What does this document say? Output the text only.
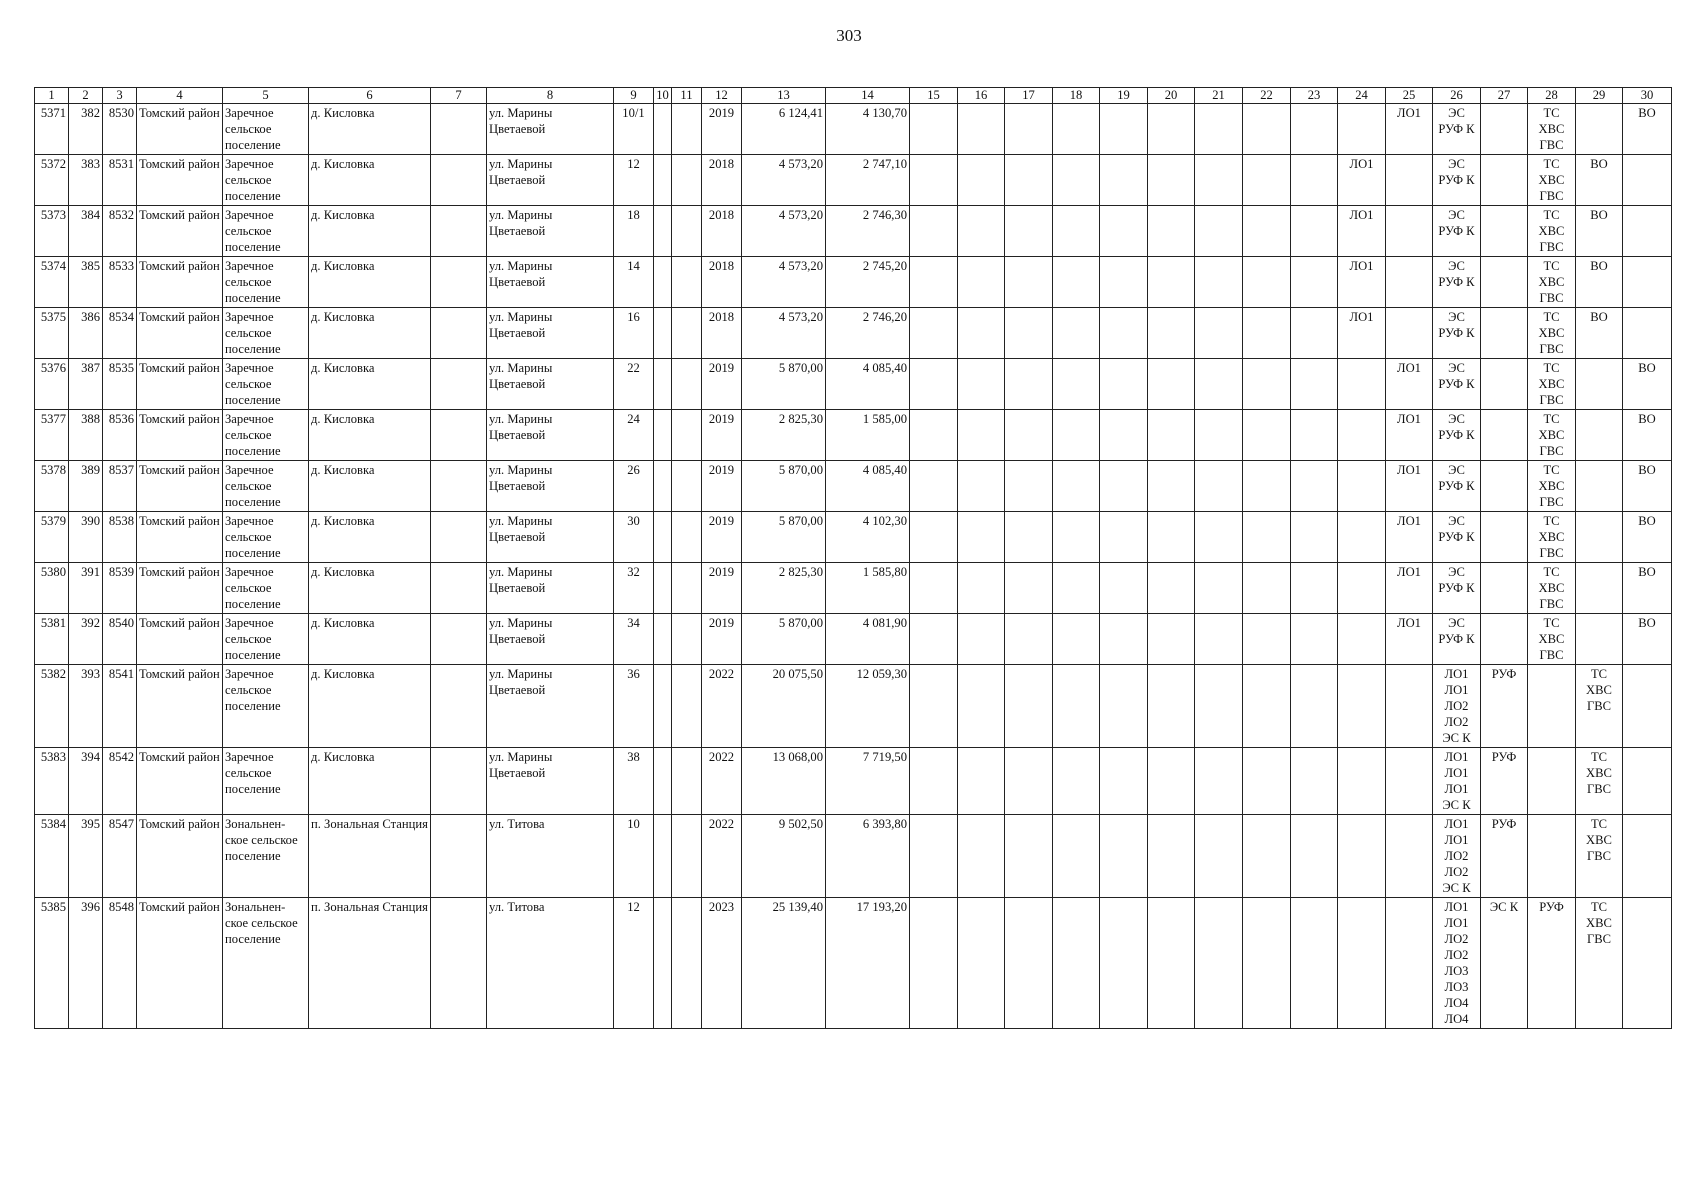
303
1	2	3	4	5	6	7	8	9	10	11	12	13	14	15	16	17	18	19	20	21	22	23	24	25	26	27	28	29	30
5371	382	8530	Томский район	Заречное сельское поселение	д. Кисловка		ул. Марины Цветаевой	10/1			2019	6 124,41	4 130,70											ЛО1	ЭС РУФ К		ТС ХВС ГВС		ВО
5372	383	8531	Томский район	Заречное сельское поселение	д. Кисловка		ул. Марины Цветаевой	12			2018	4 573,20	2 747,10										ЛО1		ЭС РУФ К		ТС ХВС ГВС	ВО	
5373	384	8532	Томский район	Заречное сельское поселение	д. Кисловка		ул. Марины Цветаевой	18			2018	4 573,20	2 746,30										ЛО1		ЭС РУФ К		ТС ХВС ГВС	ВО	
5374	385	8533	Томский район	Заречное сельское поселение	д. Кисловка		ул. Марины Цветаевой	14			2018	4 573,20	2 745,20										ЛО1		ЭС РУФ К		ТС ХВС ГВС	ВО	
5375	386	8534	Томский район	Заречное сельское поселение	д. Кисловка		ул. Марины Цветаевой	16			2018	4 573,20	2 746,20										ЛО1		ЭС РУФ К		ТС ХВС ГВС	ВО	
5376	387	8535	Томский район	Заречное сельское поселение	д. Кисловка		ул. Марины Цветаевой	22			2019	5 870,00	4 085,40											ЛО1	ЭС РУФ К		ТС ХВС ГВС		ВО
5377	388	8536	Томский район	Заречное сельское поселение	д. Кисловка		ул. Марины Цветаевой	24			2019	2 825,30	1 585,00											ЛО1	ЭС РУФ К		ТС ХВС ГВС		ВО
5378	389	8537	Томский район	Заречное сельское поселение	д. Кисловка		ул. Марины Цветаевой	26			2019	5 870,00	4 085,40											ЛО1	ЭС РУФ К		ТС ХВС ГВС		ВО
5379	390	8538	Томский район	Заречное сельское поселение	д. Кисловка		ул. Марины Цветаевой	30			2019	5 870,00	4 102,30											ЛО1	ЭС РУФ К		ТС ХВС ГВС		ВО
5380	391	8539	Томский район	Заречное сельское поселение	д. Кисловка		ул. Марины Цветаевой	32			2019	2 825,30	1 585,80											ЛО1	ЭС РУФ К		ТС ХВС ГВС		ВО
5381	392	8540	Томский район	Заречное сельское поселение	д. Кисловка		ул. Марины Цветаевой	34			2019	5 870,00	4 081,90											ЛО1	ЭС РУФ К		ТС ХВС ГВС		ВО
5382	393	8541	Томский район	Заречное сельское поселение	д. Кисловка		ул. Марины Цветаевой	36			2022	20 075,50	12 059,30												ЛО1 ЛО1 ЛО2 ЛО2 ЭС К	РУФ		ТС ХВС ГВС	
5383	394	8542	Томский район	Заречное сельское поселение	д. Кисловка		ул. Марины Цветаевой	38			2022	13 068,00	7 719,50												ЛО1 ЛО1 ЛО1 ЭС К	РУФ		ТС ХВС ГВС	
5384	395	8547	Томский район	Зональнен-ское сельское поселение	п. Зональная Станция		ул. Титова	10			2022	9 502,50	6 393,80												ЛО1 ЛО1 ЛО2 ЛО2 ЭС К	РУФ		ТС ХВС ГВС	
5385	396	8548	Томский район	Зональнен-ское сельское поселение	п. Зональная Станция		ул. Титова	12			2023	25 139,40	17 193,20												ЛО1 ЛО1 ЛО2 ЛО2 ЛО3 ЛО3 ЛО4 ЛО4	ЭС К	РУФ	ТС ХВС ГВС	
